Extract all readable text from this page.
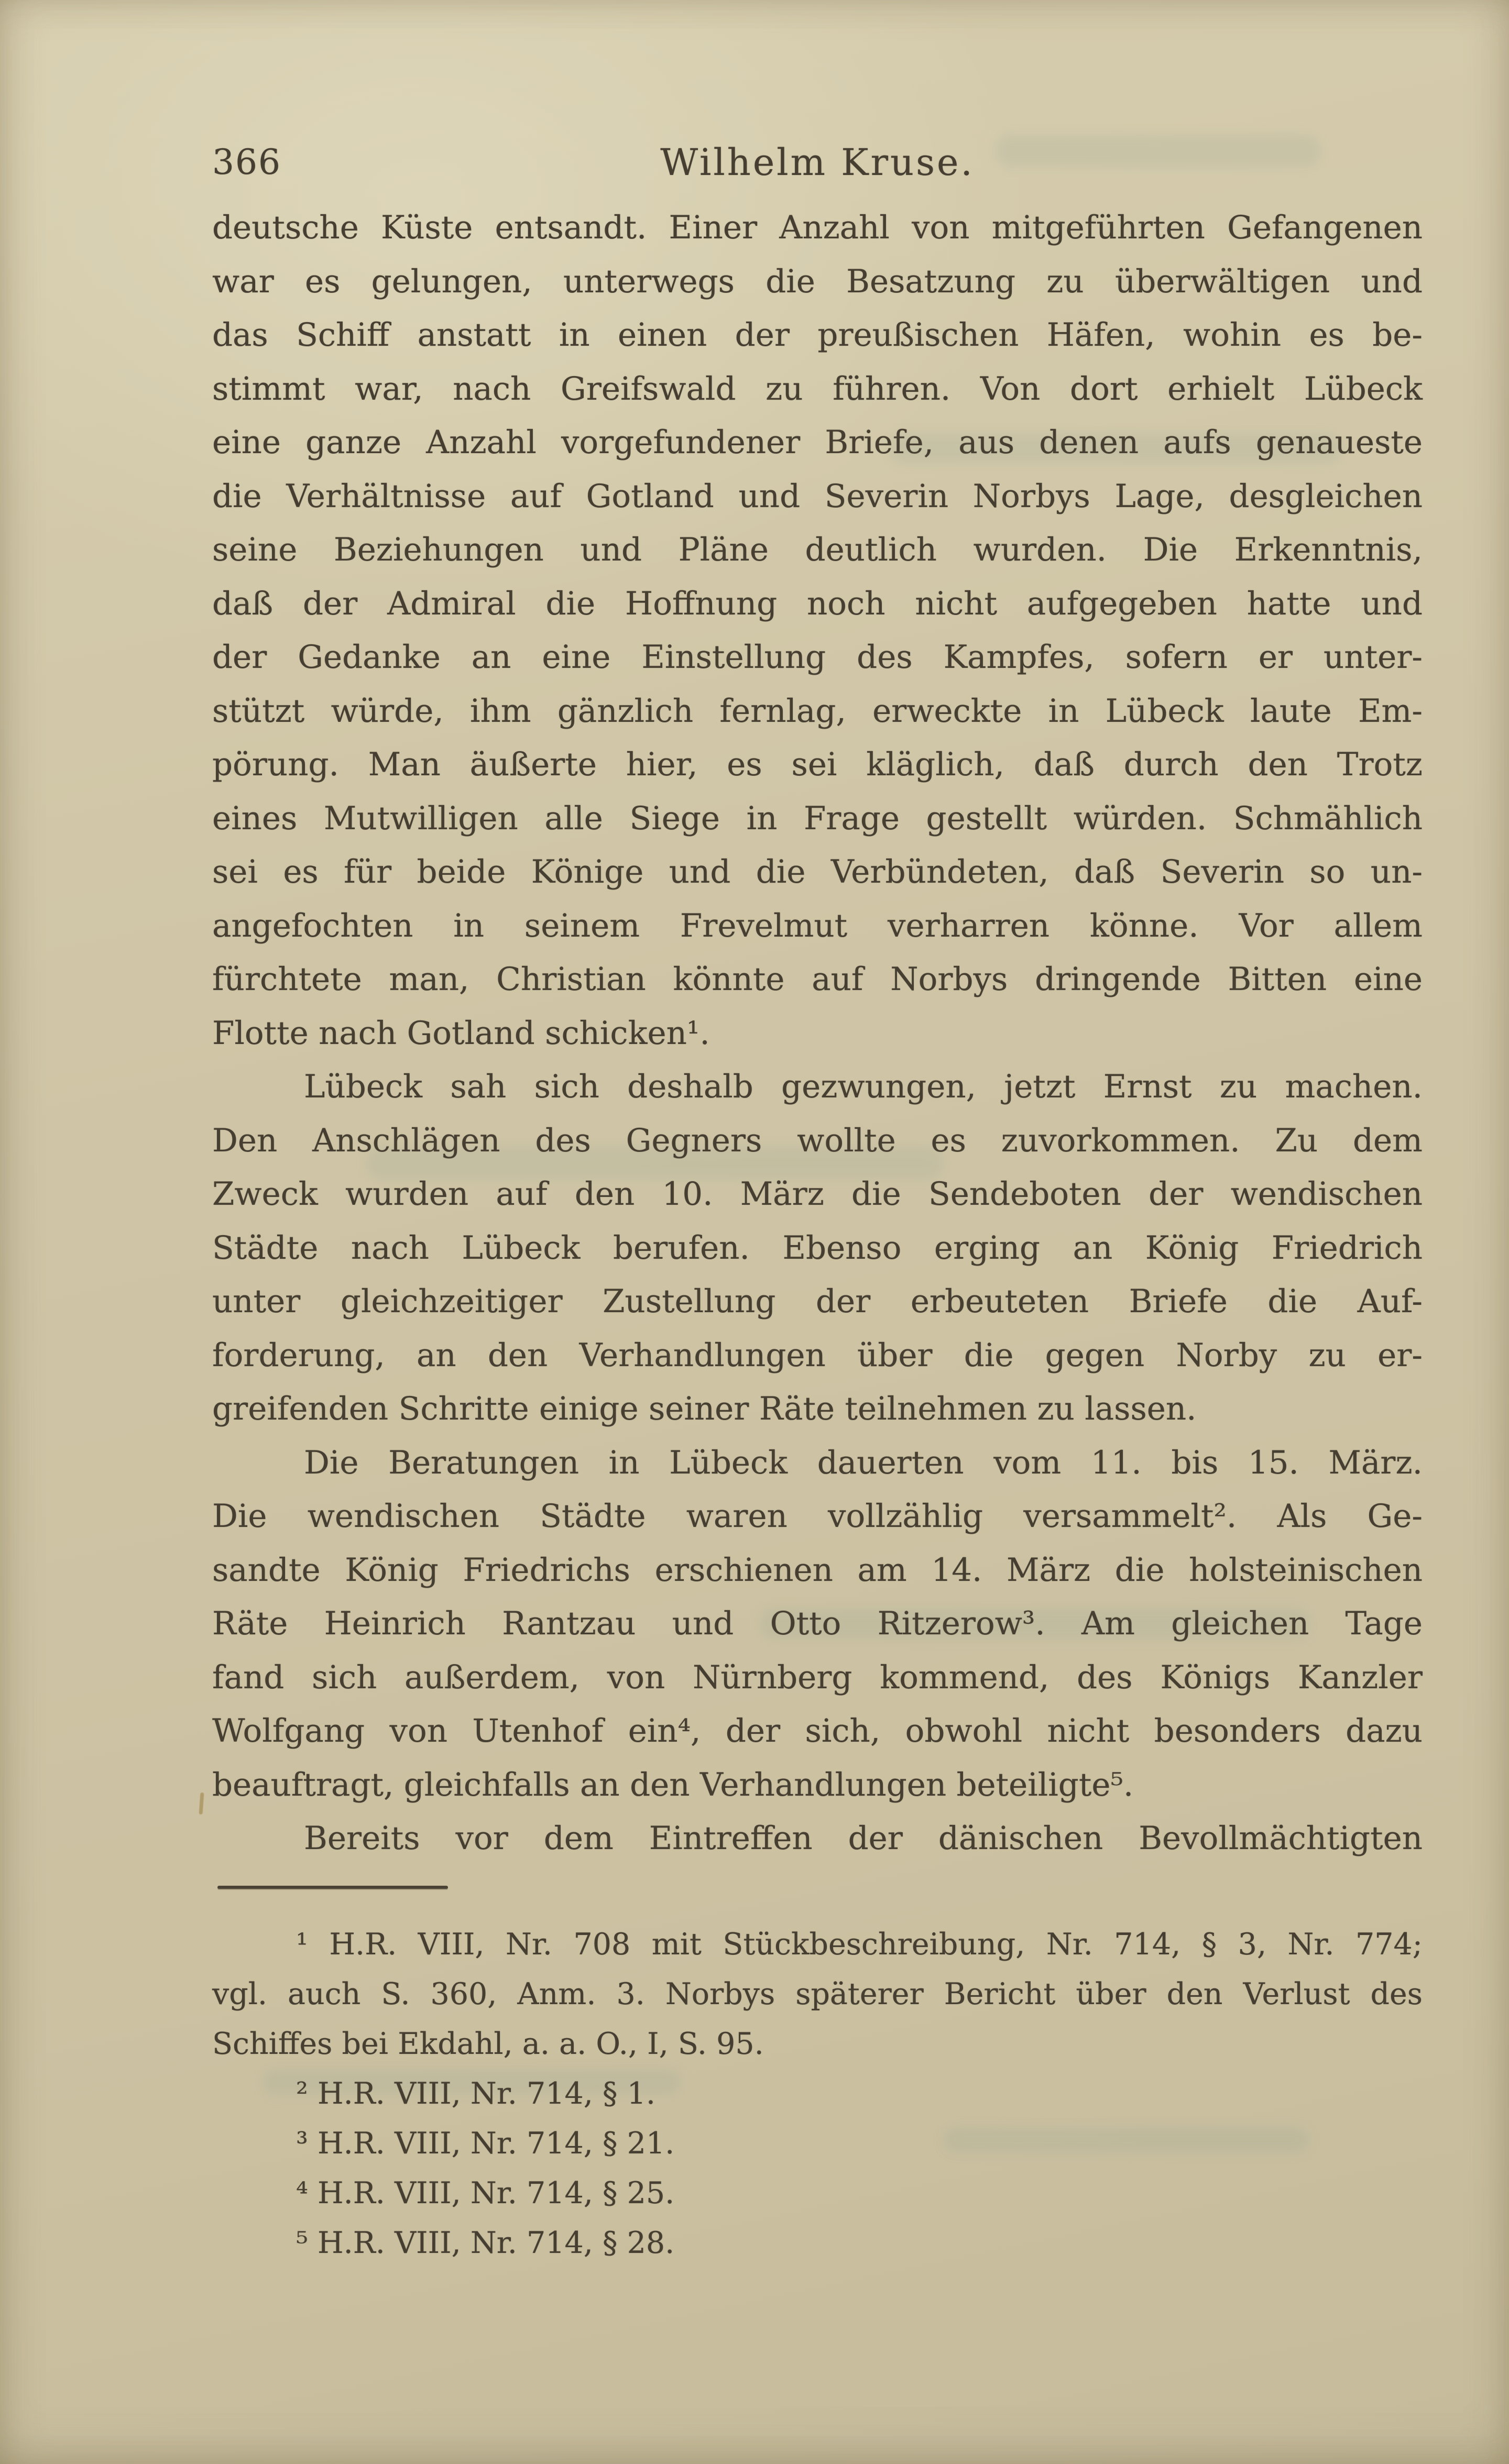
366	Wilhelm Kruse.
deutsche Küste entsandt. Einer Anzahl von mitgeführten Gefangenen
war es gelungen, unterwegs die Besatzung zu überwältigen und
das Schiff anstatt in einen der preußischen Häfen, wohin es be-
stimmt war, nach Greifswald zu führen. Von dort erhielt Lübeck
eine ganze Anzahl vorgefundener Briefe, aus denen aufs genaueste
die Verhältnisse auf Gotland und Severin Norbys Lage, desgleichen
seine Beziehungen und Pläne deutlich wurden. Die Erkenntnis,
daß der Admiral die Hoffnung noch nicht aufgegeben hatte und
der Gedanke an eine Einstellung des Kampfes, sofern er unter-
stützt würde, ihm gänzlich fernlag, erweckte in Lübeck laute Em-
pörung. Man äußerte hier, es sei kläglich, daß durch den Trotz
eines Mutwilligen alle Siege in Frage gestellt würden. Schmählich
sei es für beide Könige und die Verbündeten, daß Severin so un-
angefochten in seinem Frevelmut verharren könne. Vor allem
fürchtete man, Christian könnte auf Norbys dringende Bitten eine
Flotte nach Gotland schicken¹.
Lübeck sah sich deshalb gezwungen, jetzt Ernst zu machen.
Den Anschlägen des Gegners wollte es zuvorkommen. Zu dem
Zweck wurden auf den 10. März die Sendeboten der wendischen
Städte nach Lübeck berufen. Ebenso erging an König Friedrich
unter gleichzeitiger Zustellung der erbeuteten Briefe die Auf-
forderung, an den Verhandlungen über die gegen Norby zu er-
greifenden Schritte einige seiner Räte teilnehmen zu lassen.
Die Beratungen in Lübeck dauerten vom 11. bis 15. März.
Die wendischen Städte waren vollzählig versammelt². Als Ge-
sandte König Friedrichs erschienen am 14. März die holsteinischen
Räte Heinrich Rantzau und Otto Ritzerow³. Am gleichen Tage
fand sich außerdem, von Nürnberg kommend, des Königs Kanzler
Wolfgang von Utenhof ein⁴, der sich, obwohl nicht besonders dazu
beauftragt, gleichfalls an den Verhandlungen beteiligte⁵.
Bereits vor dem Eintreffen der dänischen Bevollmächtigten
¹ H.R. VIII, Nr. 708 mit Stückbeschreibung, Nr. 714, § 3, Nr. 774;
vgl. auch S. 360, Anm. 3. Norbys späterer Bericht über den Verlust des
Schiffes bei Ekdahl, a. a. O., I, S. 95.
² H.R. VIII, Nr. 714, § 1.
³ H.R. VIII, Nr. 714, § 21.
⁴ H.R. VIII, Nr. 714, § 25.
⁵ H.R. VIII, Nr. 714, § 28.
